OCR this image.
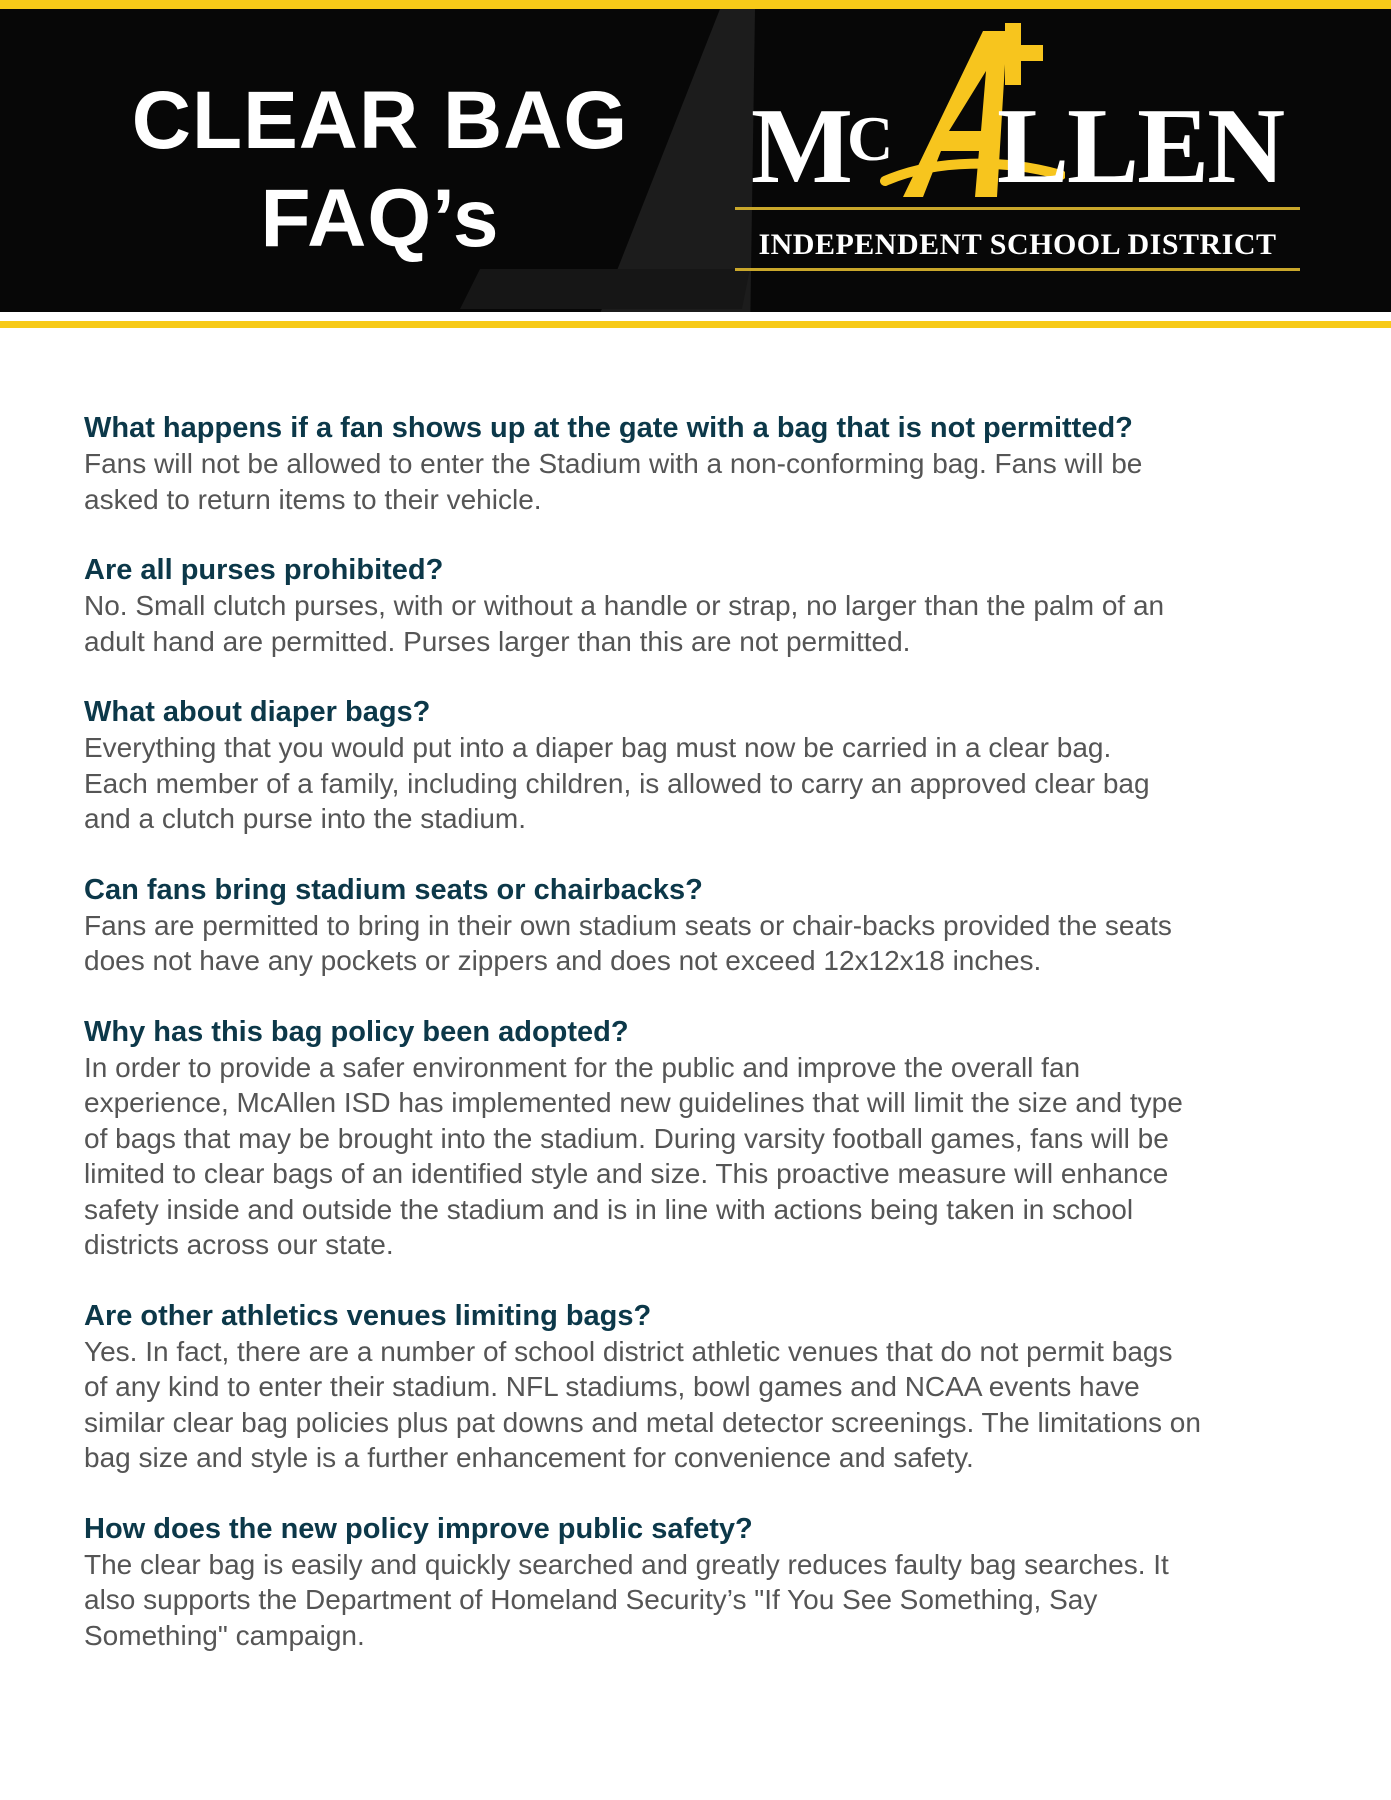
CLEAR BAG
FAQ’s
M
C LLEN
INDEPENDENT SCHOOL DISTRICT

What happens if a fan shows up at the gate with a bag that is not permitted?

Fans will not be allowed to enter the Stadium with a non-conforming bag. Fans will be
asked to return items to their vehicle.

Are all purses prohibited?

No. Small clutch purses, with or without a handle or strap, no larger than the palm of an
adult hand are permitted. Purses larger than this are not permitted.

What about diaper bags?

Everything that you would put into a diaper bag must now be carried in a clear bag.
Each member of a family, including children, is allowed to carry an approved clear bag
and a clutch purse into the stadium.

Can fans bring stadium seats or chairbacks?

Fans are permitted to bring in their own stadium seats or chair-backs provided the seats
does not have any pockets or zippers and does not exceed 12x12x18 inches.

Why has this bag policy been adopted?

In order to provide a safer environment for the public and improve the overall fan
experience, McAllen ISD has implemented new guidelines that will limit the size and type
of bags that may be brought into the stadium. During varsity football games, fans will be
limited to clear bags of an identified style and size. This proactive measure will enhance
safety inside and outside the stadium and is in line with actions being taken in school
districts across our state.

Are other athletics venues limiting bags?

Yes. In fact, there are a number of school district athletic venues that do not permit bags
of any kind to enter their stadium. NFL stadiums, bowl games and NCAA events have
similar clear bag policies plus pat downs and metal detector screenings. The limitations on
bag size and style is a further enhancement for convenience and safety.

How does the new policy improve public safety?

The clear bag is easily and quickly searched and greatly reduces faulty bag searches. It
also supports the Department of Homeland Security’s "If You See Something, Say
Something" campaign.
